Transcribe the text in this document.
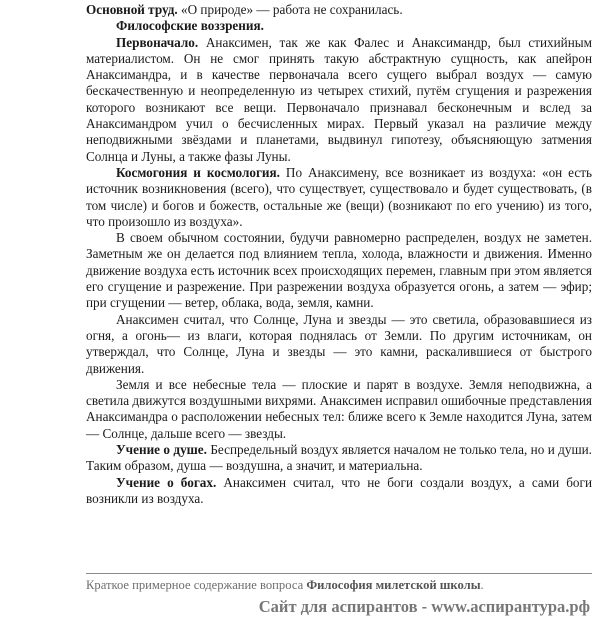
Основной труд. «О природе» — работа не сохранилась.

Философские воззрения.

Первоначало. Анаксимен, так же как Фалес и Анаксимандр, был стихийным материалистом. Он не смог принять такую абстрактную сущность, как апейрон Анаксимандра, и в качестве первоначала всего сущего выбрал воздух — самую бескачественную и неопределенную из четырех стихий, путём сгущения и разрежения которого возникают все вещи. Первоначало признавал бесконечным и вслед за Анаксимандром учил о бесчисленных мирах. Первый указал на различие между неподвижными звёздами и планетами, выдвинул гипотезу, объясняющую затмения Солнца и Луны, а также фазы Луны.

Космогония и космология. По Анаксимену, все возникает из воздуха: «он есть источник возникновения (всего), что существует, существовало и будет существовать, (в том числе) и богов и божеств, остальные же (вещи) (возникают по его учению) из того, что произошло из воздуха».

В своем обычном состоянии, будучи равномерно распределен, воздух не заметен. Заметным же он делается под влиянием тепла, холода, влажности и движения. Именно движение воздуха есть источник всех происходящих перемен, главным при этом является его сгущение и разрежение. При разрежении воздуха образуется огонь, а затем — эфир; при сгущении — ветер, облака, вода, земля, камни.

Анаксимен считал, что Солнце, Луна и звезды — это светила, образовавшиеся из огня, а огонь— из влаги, которая поднялась от Земли. По другим источникам, он утверждал, что Солнце, Луна и звезды — это камни, раскалившиеся от быстрого движения.

Земля и все небесные тела — плоские и парят в воздухе. Земля неподвижна, а светила движутся воздушными вихрями. Анаксимен исправил ошибочные представления Анаксимандра о расположении небесных тел: ближе всего к Земле находится Луна, затем — Солнце, дальше всего — звезды.

Учение о душе. Беспредельный воздух является началом не только тела, но и души. Таким образом, душа — воздушна, а значит, и материальна.

Учение о богах. Анаксимен считал, что не боги создали воздух, а сами боги возникли из воздуха.

Краткое примерное содержание вопроса Философия милетской школы.
Сайт для аспирантов - www.аспирантура.рф
